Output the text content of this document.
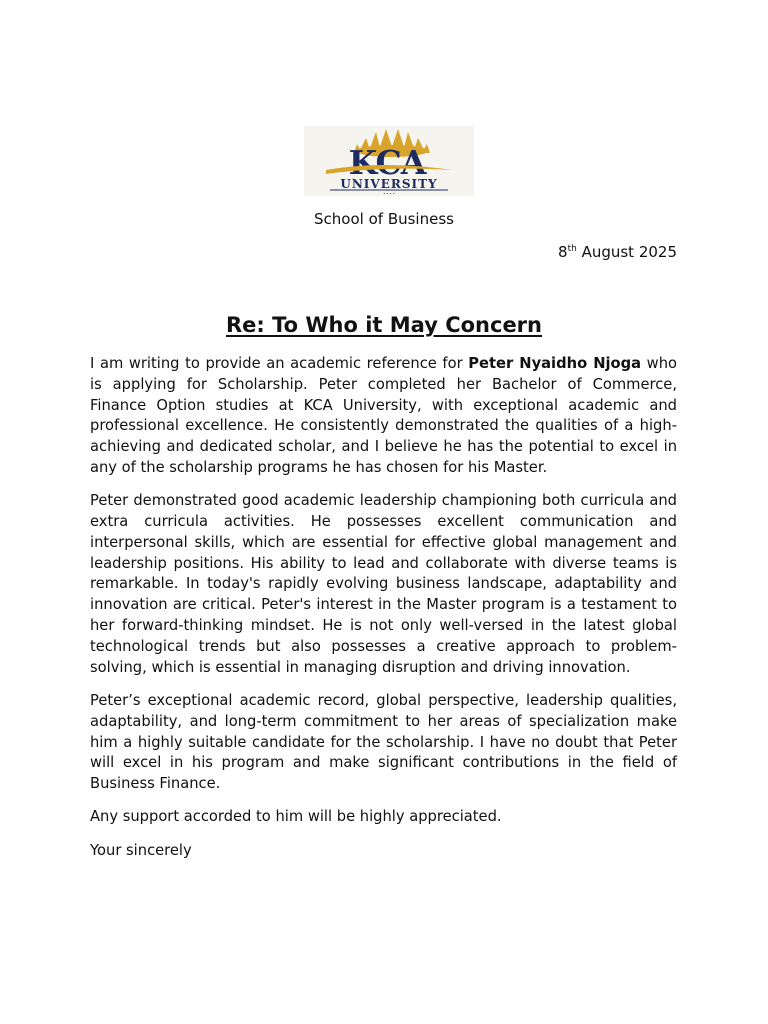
KCA
UNIVERSITY
• • • •
School of Business
8th August 2025
Re: To Who it May Concern

I am writing to provide an academic reference for Peter Nyaidho Njoga who is applying for Scholarship. Peter completed her Bachelor of Commerce, Finance Option studies at KCA University, with exceptional academic and professional excellence. He consistently demonstrated the qualities of a high-achieving and dedicated scholar, and I believe he has the potential to excel in any of the scholarship programs he has chosen for his Master.

Peter demonstrated good academic leadership championing both curricula and extra curricula activities. He possesses excellent communication and interpersonal skills, which are essential for effective global management and leadership positions. His ability to lead and collaborate with diverse teams is remarkable. In today's rapidly evolving business landscape, adaptability and innovation are critical. Peter's interest in the Master program is a testament to her forward-thinking mindset. He is not only well-versed in the latest global technological trends but also possesses a creative approach to problem-solving, which is essential in managing disruption and driving innovation.

Peter’s exceptional academic record, global perspective, leadership qualities, adaptability, and long-term commitment to her areas of specialization make him a highly suitable candidate for the scholarship. I have no doubt that Peter will excel in his program and make significant contributions in the field of Business Finance.

Any support accorded to him will be highly appreciated.

Your sincerely
